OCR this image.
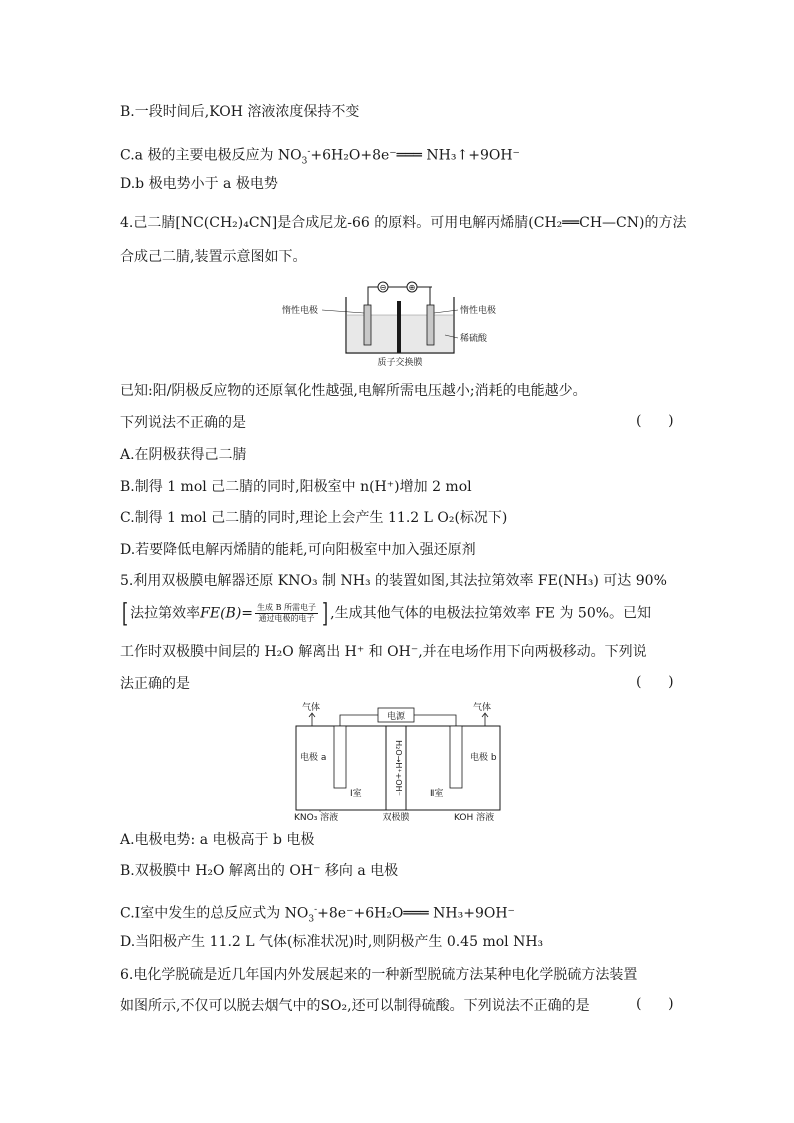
B.一段时间后,KOH 溶液浓度保持不变
C.a 极的主要电极反应为 $NO_3^-+6H_2O+8e^-═══$ NH₃↑+9OH⁻
D.b 极电势小于 a 极电势
4.己二腈[NC(CH₂)₄CN]是合成尼龙-66 的原料。可用电解丙烯腈(CH₂══CH—CN)的方法
合成己二腈,装置示意图如下。
⊖	⊕
惰性电极	惰性电极
稀硫酸
质子交换膜
已知:阳/阴极反应物的还原氧化性越强,电解所需电压越小;消耗的电能越少。
下列说法不正确的是	(      )
A.在阴极获得己二腈
B.制得 1 mol 己二腈的同时,阳极室中 n(H⁺)增加 2 mol
C.制得 1 mol 己二腈的同时,理论上会产生 11.2 L O₂(标况下)
D.若要降低电解丙烯腈的能耗,可向阳极室中加入强还原剂
5.利用双极膜电解器还原 KNO₃ 制 NH₃ 的装置如图,其法拉第效率 FE(NH₃) 可达 90%
[ 法拉第效率$FE(B)= \frac{\text{生成 B 所需电子}}{\text{通过电极的电子}}$ ] ,生成其他气体的电极法拉第效率 FE 为 50%。已知
工作时双极膜中间层的 H₂O 解离出 H⁺ 和 OH⁻,并在电场作用下向两极移动。下列说
法正确的是	(      )
气体	气体
电源
H₂O→H⁺+OH⁻
电极 a	电极 b
Ⅰ室	Ⅱ室
KNO₃ 溶液	双极膜	KOH 溶液
A.电极电势: a 电极高于 b 电极
B.双极膜中 H₂O 解离出的 OH⁻ 移向 a 电极
C.Ⅰ室中发生的总反应式为 $NO_3^-+8e^-+6H_2O═══$ NH₃+9OH⁻
D.当阳极产生 11.2 L 气体(标准状况)时,则阴极产生 0.45 mol NH₃
6.电化学脱硫是近几年国内外发展起来的一种新型脱硫方法某种电化学脱硫方法装置
如图所示,不仅可以脱去烟气中的SO₂,还可以制得硫酸。下列说法不正确的是	(      )
